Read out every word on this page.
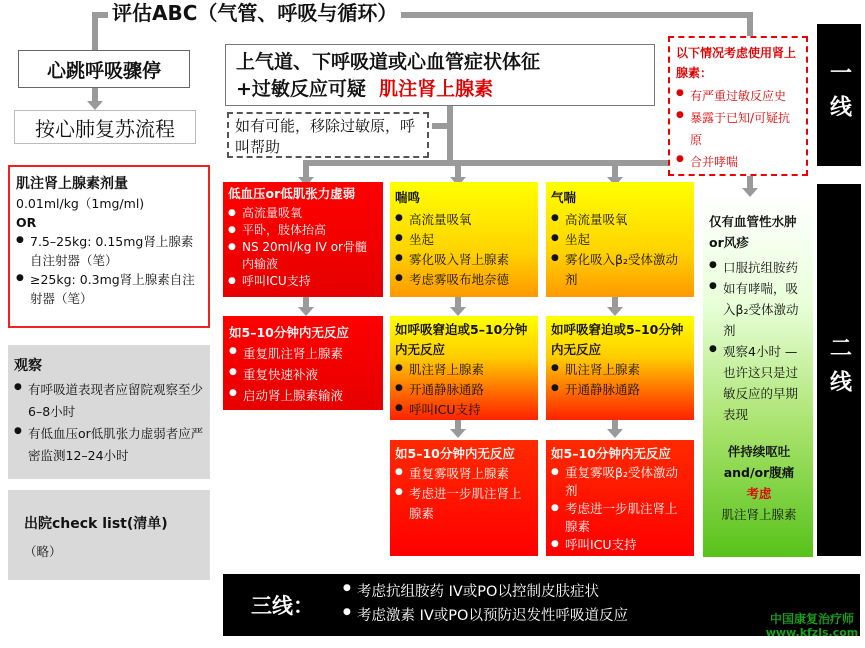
评估ABC（气管、呼吸与循环）
心跳呼吸骤停
按心肺复苏流程
肌注肾上腺素剂量
0.01ml/kg（1mg/ml)
OR
● 7.5–25kg: 0.15mg肾上腺素自注射器（笔）
● ≥25kg: 0.3mg肾上腺素自注射器（笔）
观察
● 有呼吸道表现者应留院观察至少6–8小时
● 有低血压or低肌张力虚弱者应严密监测12–24小时
出院check list(清单)
（略）
上气道、下呼吸道或心血管症状体征
+过敏反应可疑 肌注肾上腺素
如有可能，移除过敏原，呼叫帮助
以下情况考虑使用肾上腺素：
● 有严重过敏反应史
● 暴露于已知/可疑抗原
● 合并哮喘
低血压or低肌张力虚弱
● 高流量吸氧
● 平卧，肢体抬高
● NS 20ml/kg IV or骨髓内输液
● 呼叫ICU支持
喘鸣
● 高流量吸氧
● 坐起
● 雾化吸入肾上腺素
● 考虑雾吸布地奈德
气喘
● 高流量吸氧
● 坐起
● 雾化吸入β₂受体激动剂
如5–10分钟内无反应
● 重复肌注肾上腺素
● 重复快速补液
● 启动肾上腺素输液
如呼吸窘迫或5–10分钟内无反应
● 肌注肾上腺素
● 开通静脉通路
● 呼叫ICU支持
如呼吸窘迫或5–10分钟内无反应
● 肌注肾上腺素
● 开通静脉通路
如5–10分钟内无反应
● 重复雾吸肾上腺素
● 考虑进一步肌注肾上腺素
如5–10分钟内无反应
● 重复雾吸β₂受体激动剂
● 考虑进一步肌注肾上腺素
● 呼叫ICU支持
仅有血管性水肿or风疹
● 口服抗组胺药
● 如有哮喘，吸入β₂受体激动剂
● 观察4小时 —也许这只是过敏反应的早期表现
伴持续呕吐and/or腹痛
考虑
肌注肾上腺素
一线
二线
三线：
● 考虑抗组胺药 IV或PO以控制皮肤症状
● 考虑激素 IV或PO以预防迟发性呼吸道反应	中国康复治疗师
www.kfzls.com
